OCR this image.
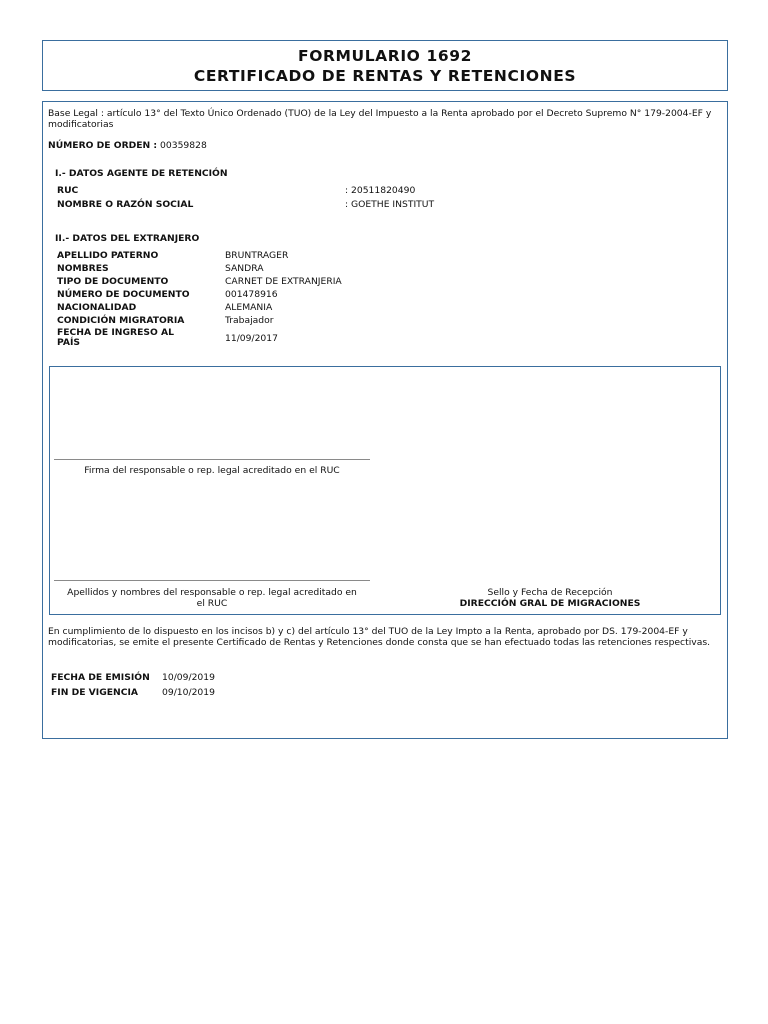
FORMULARIO 1692
CERTIFICADO DE RENTAS Y RETENCIONES
Base Legal : artículo 13° del Texto Único Ordenado (TUO) de la Ley del Impuesto a la Renta aprobado por el Decreto Supremo N° 179-2004-EF y modificatorias
NÚMERO DE ORDEN : 00359828
I.- DATOS AGENTE DE RETENCIÓN
RUC	: 20511820490
NOMBRE O RAZÓN SOCIAL	: GOETHE INSTITUT
II.- DATOS DEL EXTRANJERO
APELLIDO PATERNO	BRUNTRAGER
NOMBRES	SANDRA
TIPO DE DOCUMENTO	CARNET DE EXTRANJERIA
NÚMERO DE DOCUMENTO	001478916
NACIONALIDAD	ALEMANIA
CONDICIÓN MIGRATORIA	Trabajador
FECHA DE INGRESO AL
PAÍS	11/09/2017
Firma del responsable o rep. legal acreditado en el RUC
Apellidos y nombres del responsable o rep. legal acreditado en
el RUC
Sello y Fecha de Recepción
DIRECCIÓN GRAL DE MIGRACIONES
En cumplimiento de lo dispuesto en los incisos b) y c) del artículo 13° del TUO de la Ley Impto a la Renta, aprobado por DS. 179-2004-EF y modificatorias, se emite el presente Certificado de Rentas y Retenciones donde consta que se han efectuado todas las retenciones respectivas.
FECHA DE EMISIÓN 10/09/2019
FIN DE VIGENCIA	09/10/2019
